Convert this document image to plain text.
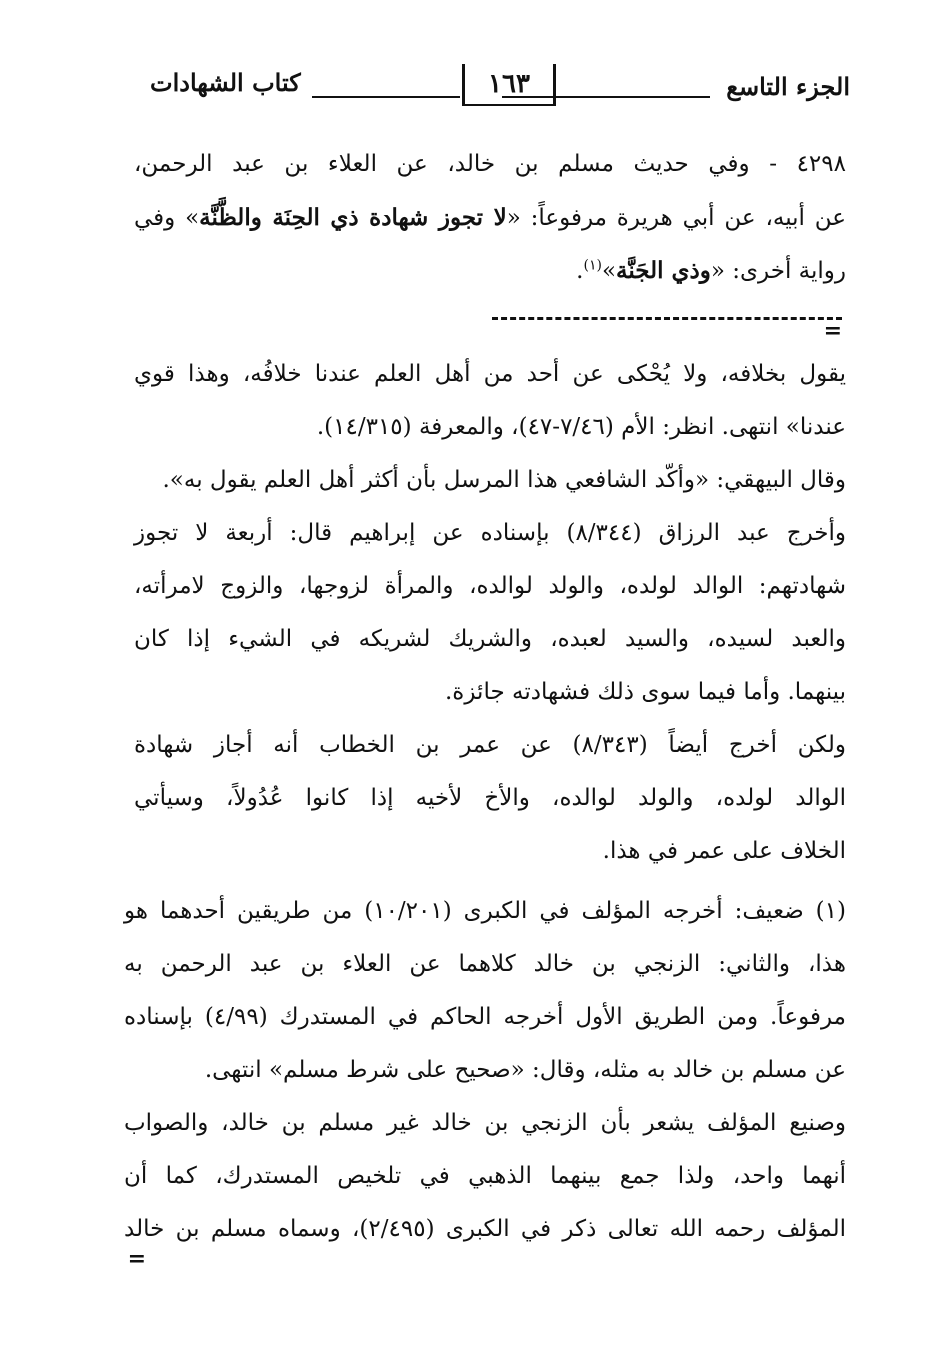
الجزء التاسع
١٦٣
كتاب الشهادات
٤٢٩٨ - وفي حديث مسلم بن خالد، عن العلاء بن عبد الرحمن،
عن أبيه، عن أبي هريرة مرفوعاً: «لا تجوز شهادة ذي الحِنَة والظَّنَّة» وفي
رواية أخرى: «وذي الجَنَّة»$^{(١)}$.
=
يقول بخلافه، ولا يُحْكى عن أحد من أهل العلم عندنا خلافُه، وهذا قوي
عندنا» انتهى. انظر: الأم (٧/٤٦-٤٧)، والمعرفة (١٤/٣١٥).
وقال البيهقي: «وأكّد الشافعي هذا المرسل بأن أكثر أهل العلم يقول به».
وأخرج عبد الرزاق (٨/٣٤٤) بإسناده عن إبراهيم قال: أربعة لا تجوز
شهادتهم: الوالد لولده، والولد لوالده، والمرأة لزوجها، والزوج لامرأته،
والعبد لسيده، والسيد لعبده، والشريك لشريكه في الشيء إذا كان
بينهما. وأما فيما سوى ذلك فشهادته جائزة.
ولكن أخرج أيضاً (٨/٣٤٣) عن عمر بن الخطاب أنه أجاز شهادة
الوالد لولده، والولد لوالده، والأخ لأخيه إذا كانوا عُدُولاً، وسيأتي
الخلاف على عمر في هذا.
(١) ضعيف: أخرجه المؤلف في الكبرى (١٠/٢٠١) من طريقين أحدهما هو
هذا، والثاني: الزنجي بن خالد كلاهما عن العلاء بن عبد الرحمن به
مرفوعاً. ومن الطريق الأول أخرجه الحاكم في المستدرك (٤/٩٩) بإسناده
عن مسلم بن خالد به مثله، وقال: «صحيح على شرط مسلم» انتهى.
وصنيع المؤلف يشعر بأن الزنجي بن خالد غير مسلم بن خالد، والصواب
أنهما واحد، ولذا جمع بينهما الذهبي في تلخيص المستدرك، كما أن
المؤلف رحمه الله تعالى ذكر في الكبرى (٢/٤٩٥)، وسماه مسلم بن خالد
=
